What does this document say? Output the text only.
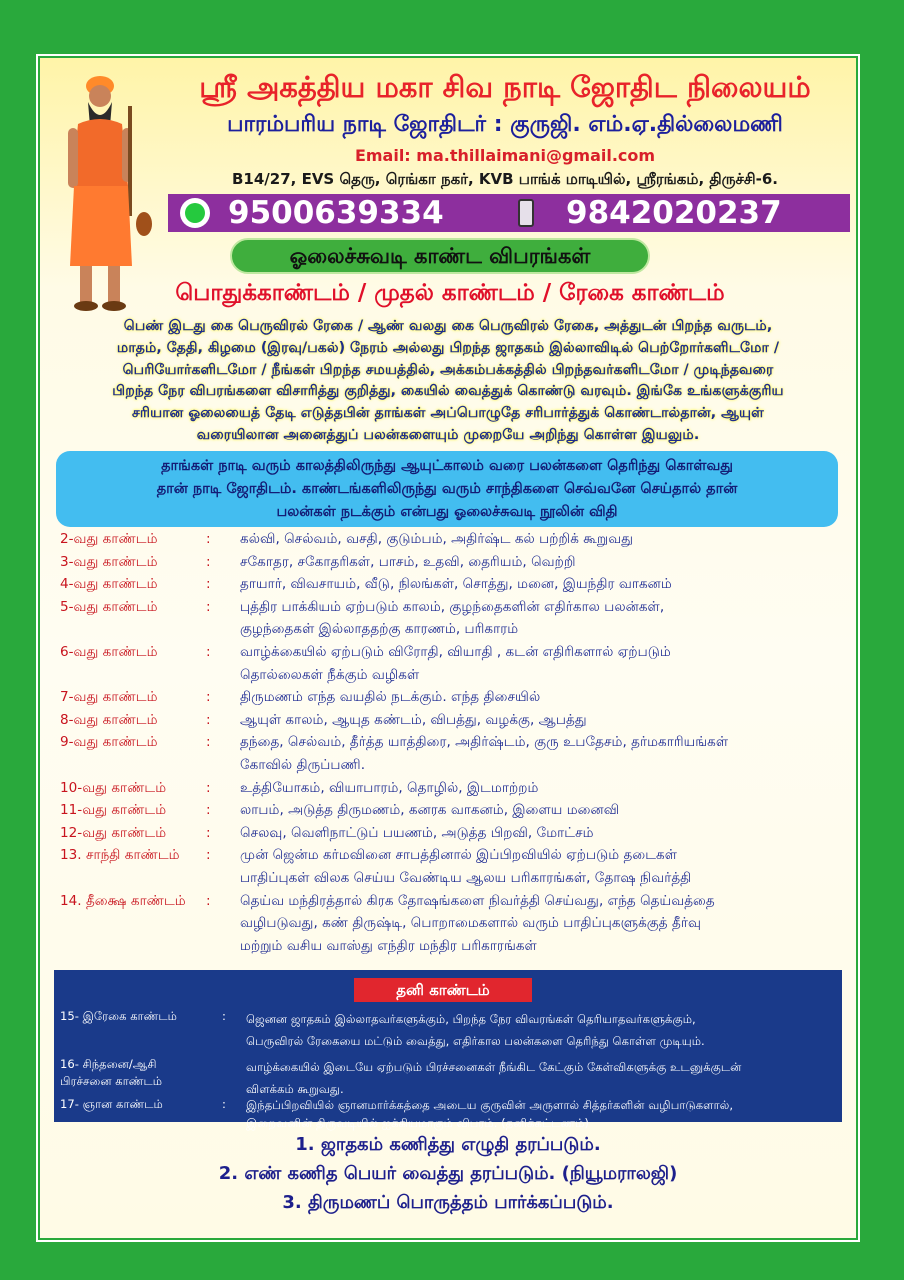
ஸ்ரீ அகத்திய மகா சிவ நாடி ஜோதிட நிலையம்
பாரம்பரிய நாடி ஜோதிடர் : குருஜி. எம்.ஏ.தில்லைமணி
Email: ma.thillaimani@gmail.com
B14/27, EVS தெரு, ரெங்கா நகர், KVB பாங்க் மாடியில், ஸ்ரீரங்கம், திருச்சி-6.
9500639334	9842020237
ஓலைச்சுவடி காண்ட விபரங்கள்
பொதுக்காண்டம் / முதல் காண்டம் / ரேகை காண்டம்

பெண் இடது கை பெருவிரல் ரேகை / ஆண் வலது கை பெருவிரல் ரேகை, அத்துடன் பிறந்த வருடம்,

மாதம், தேதி, கிழமை (இரவு/பகல்) நேரம் அல்லது பிறந்த ஜாதகம் இல்லாவிடில் பெற்றோர்களிடமோ /

பெரியோர்களிடமோ / நீங்கள் பிறந்த சமயத்தில், அக்கம்பக்கத்தில் பிறந்தவர்களிடமோ / முடிந்தவரை

பிறந்த நேர விபரங்களை விசாரித்து குறித்து, கையில் வைத்துக் கொண்டு வரவும். இங்கே உங்களுக்குரிய

சரியான ஓலையைத் தேடி எடுத்தபின் தாங்கள் அப்பொழுதே சரிபார்த்துக் கொண்டால்தான், ஆயுள்

வரையிலான அனைத்துப் பலன்களையும் முறையே அறிந்து கொள்ள இயலும்.

தாங்கள் நாடி வரும் காலத்திலிருந்து ஆயுட்காலம் வரை பலன்களை தெரிந்து கொள்வது

தான் நாடி ஜோதிடம். காண்டங்களிலிருந்து வரும் சாந்திகளை செவ்வனே செய்தால் தான்

பலன்கள் நடக்கும் என்பது ஓலைச்சுவடி நூலின் விதி

2-வது காண்டம்	: கல்வி, செல்வம், வசதி, குடும்பம், அதிர்ஷ்ட கல் பற்றிக் கூறுவது

3-வது காண்டம்	: சகோதர, சகோதரிகள், பாசம், உதவி, தைரியம், வெற்றி

4-வது காண்டம்	: தாயார், விவசாயம், வீடு, நிலங்கள், சொத்து, மனை, இயந்திர வாகனம்

5-வது காண்டம்	: புத்திர பாக்கியம் ஏற்படும் காலம், குழந்தைகளின் எதிர்கால பலன்கள்,

குழந்தைகள் இல்லாததற்கு காரணம், பரிகாரம்

6-வது காண்டம்	: வாழ்க்கையில் ஏற்படும் விரோதி, வியாதி , கடன் எதிரிகளால் ஏற்படும்

தொல்லைகள் நீக்கும் வழிகள்

7-வது காண்டம்	: திருமணம் எந்த வயதில் நடக்கும். எந்த திசையில்

8-வது காண்டம்	: ஆயுள் காலம், ஆயுத கண்டம், விபத்து, வழக்கு, ஆபத்து

9-வது காண்டம்	: தந்தை, செல்வம், தீர்த்த யாத்திரை, அதிர்ஷ்டம், குரு உபதேசம், தர்மகாரியங்கள்

கோவில் திருப்பணி.

10-வது காண்டம்	: உத்தியோகம், வியாபாரம், தொழில், இடமாற்றம்

11-வது காண்டம்	: லாபம், அடுத்த திருமணம், கனரக வாகனம், இளைய மனைவி

12-வது காண்டம்	: செலவு, வெளிநாட்டுப் பயணம், அடுத்த பிறவி, மோட்சம்

13. சாந்தி காண்டம் : முன் ஜென்ம கர்மவினை சாபத்தினால் இப்பிறவியில் ஏற்படும் தடைகள்

பாதிப்புகள் விலக செய்ய வேண்டிய ஆலய பரிகாரங்கள், தோஷ நிவர்த்தி

14. தீக்ஷை காண்டம் : தெய்வ மந்திரத்தால் கிரக தோஷங்களை நிவர்த்தி செய்வது, எந்த தெய்வத்தை

வழிபடுவது, கண் திருஷ்டி, பொறாமைகளால் வரும் பாதிப்புகளுக்குத் தீர்வு

மற்றும் வசிய வாஸ்து எந்திர மந்திர பரிகாரங்கள்

தனி காண்டம்
15- இரேகை காண்டம்	: ஜெனன ஜாதகம் இல்லாதவர்களுக்கும், பிறந்த நேர விவரங்கள் தெரியாதவர்களுக்கும்,

பெருவிரல் ரேகையை மட்டும் வைத்து, எதிர்கால பலன்களை தெரிந்து கொள்ள முடியும்.

16- சிந்தனை/ஆசி
பிரச்சனை காண்டம்

வாழ்க்கையில் இடையே ஏற்படும் பிரச்சனைகள் நீங்கிட கேட்கும் கேள்விகளுக்கு உடனுக்குடன்

விளக்கம் கூறுவது.

17- ஞான காண்டம்	: இந்தப்பிறவியில் ஞானமார்க்கத்தை அடைய குருவின் அருளால் சித்தர்களின் வழிபாடுகளால்,

இறைவனின் திருவடியில் ஐக்கியமாகும் விபரம். (தனிக்கட்டணம்)

1. ஜாதகம் கணித்து எழுதி தரப்படும்.

2. எண் கணித பெயர் வைத்து தரப்படும். (நியூமராலஜி)

3. திருமணப் பொருத்தம் பார்க்கப்படும்.
